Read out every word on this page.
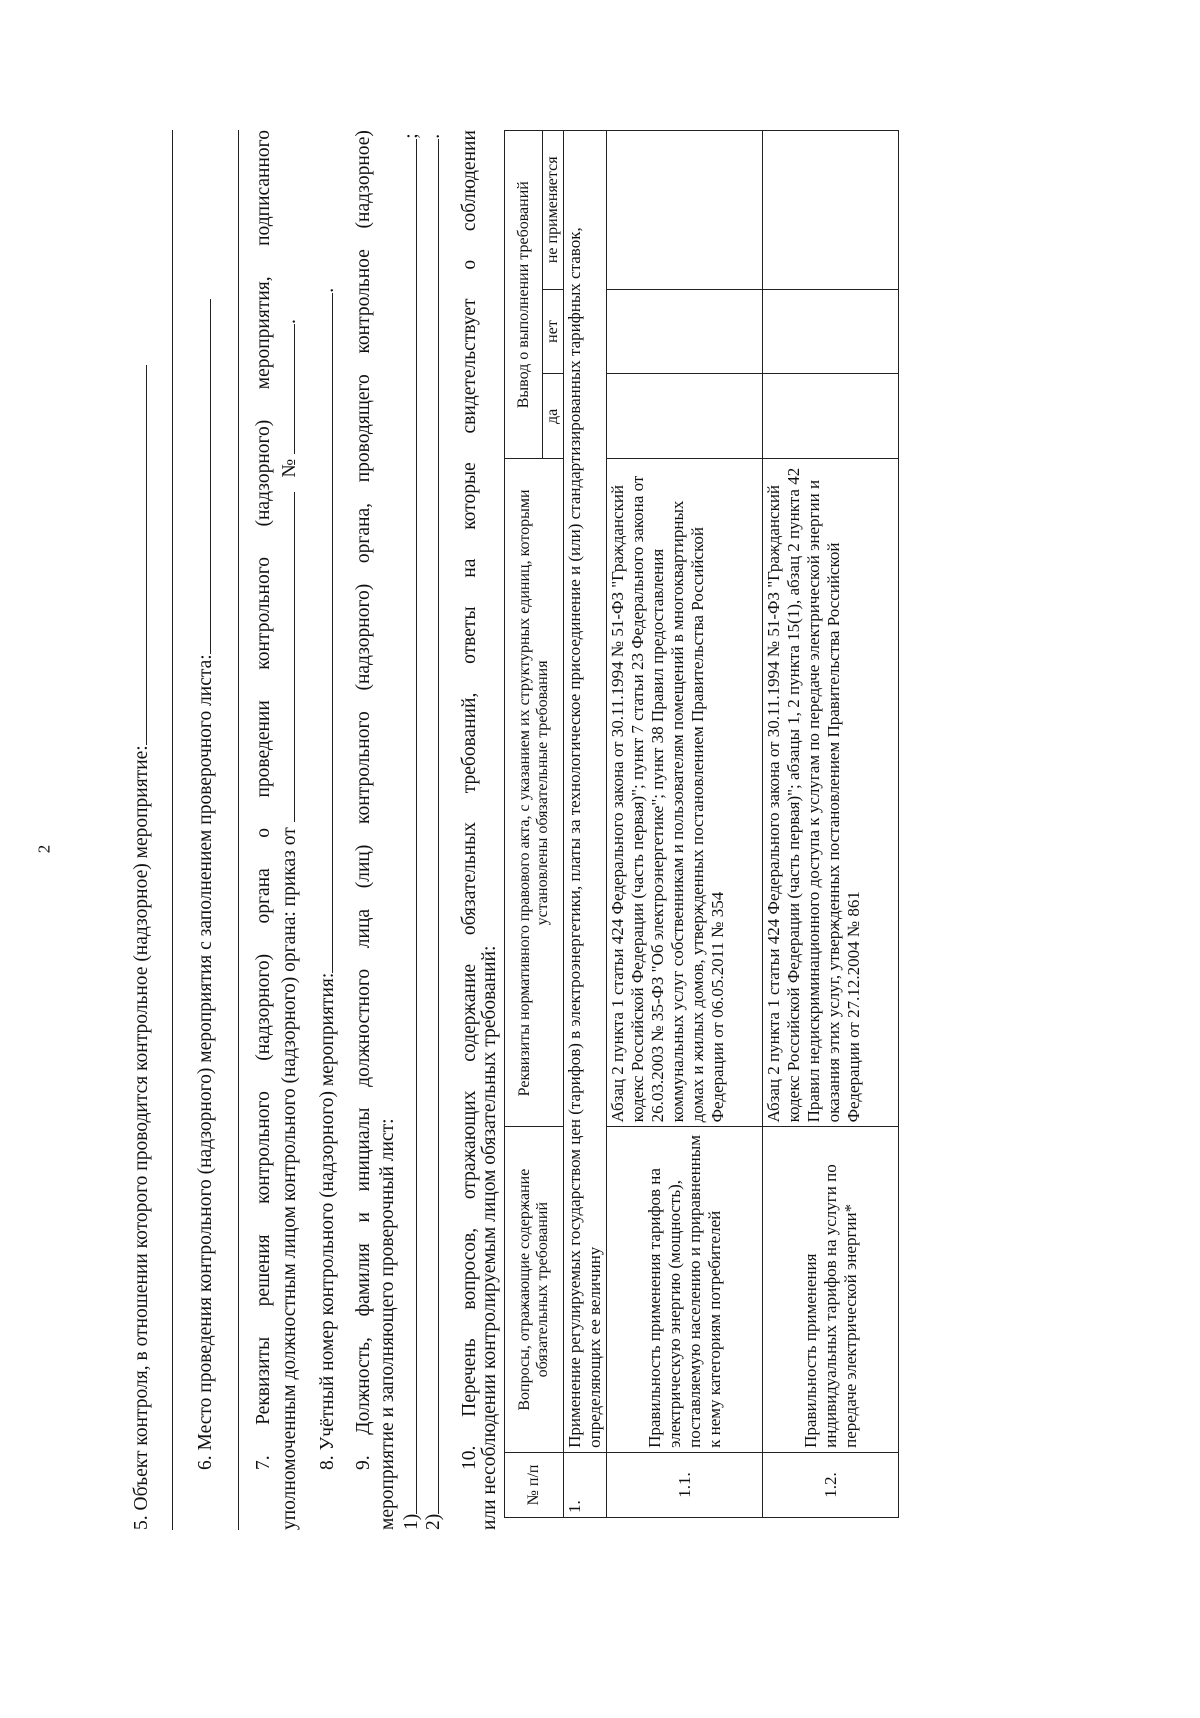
2	5. Объект контроля, в отношении которого проводится контрольное (надзорное) мероприятие: 6. Место проведения контрольного (надзорного) мероприятия с заполнением проверочного листа: 7.
Реквизиты
решения
контрольного
(надзорного)
органа
о
проведении
контрольного
(надзорного)
мероприятия,
подписанного
уполномоченным должностным лицом контрольного (надзорного) органа: приказ от  № .
8. Учётный номер контрольного (надзорного) мероприятия:.
9.
Должность,
фамилия
и
инициалы
должностного
лица
(лиц)
контрольного
(надзорного)
органа,
проводящего
контрольное
(надзорное)
мероприятие и заполняющего проверочный лист: 1);
2).
10.
Перечень
вопросов,
отражающих
содержание
обязательных
требований,
ответы
на
которые
свидетельствует
о
соблюдении
или несоблюдении контролируемым лицом обязательных требований: № п/п	Вопросы, отражающие содержание обязательных требований	Реквизиты нормативного правового акта, с указанием их структурных единиц, которыми установлены обязательные требования	Вывод о выполнении требований		
			да	нет	не применяется
1.	Применение регулируемых государством цен (тарифов) в электроэнергетики, платы за технологическое присоединение и (или) стандартизированных тарифных ставок, определяющих ее величину				
1.1.	Правильность применения тарифов на электрическую энергию (мощность), поставляемую населению и приравненным к нему категориям потребителей	Абзац 2 пункта 1 статьи 424 Федерального закона от 30.11.1994 № 51-ФЗ "Гражданский кодекс Российской Федерации (часть первая)"; пункт 7 статьи 23 Федерального закона от 26.03.2003 № 35-ФЗ "Об электроэнергетике"; пункт 38 Правил предоставления коммунальных услуг собственникам и пользователям помещений в многоквартирных домах и жилых домов, утвержденных постановлением Правительства Российской Федерации от 06.05.2011 № 354			
1.2.	Правильность применения индивидуальных тарифов на услуги по передаче электрической энергии*	Абзац 2 пункта 1 статьи 424 Федерального закона от 30.11.1994 № 51-ФЗ "Гражданский кодекс Российской Федерации (часть первая)"; абзацы 1, 2 пункта 15(1), абзац 2 пункта 42 Правил недискриминационного доступа к услугам по передаче электрической энергии и оказания этих услуг, утвержденных постановлением Правительства Российской Федерации от 27.12.2004 № 861			
